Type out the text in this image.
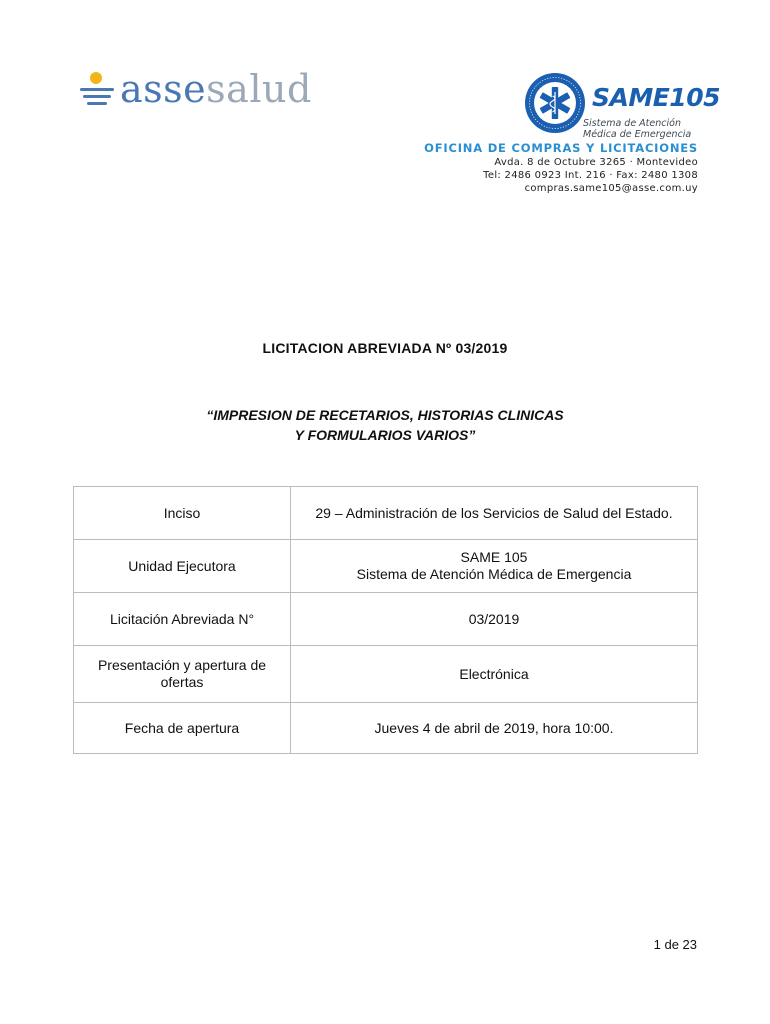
assesalud	SAME105
Sistema de Atención
Médica de Emergencia
OFICINA DE COMPRAS Y LICITACIONES
Avda. 8 de Octubre 3265 · Montevideo
Tel: 2486 0923 Int. 216 · Fax: 2480 1308
compras.same105@asse.com.uy
LICITACION ABREVIADA Nº 03/2019
“IMPRESION DE RECETARIOS, HISTORIAS CLINICAS
Y FORMULARIOS VARIOS”
Inciso	29 – Administración de los Servicios de Salud del Estado.
Unidad Ejecutora	SAME 105
Sistema de Atención Médica de Emergencia

Licitación Abreviada N°	03/2019

Presentación y apertura de
ofertas	Electrónica
Fecha de apertura	Jueves 4 de abril de 2019, hora 10:00.
1 de 23
